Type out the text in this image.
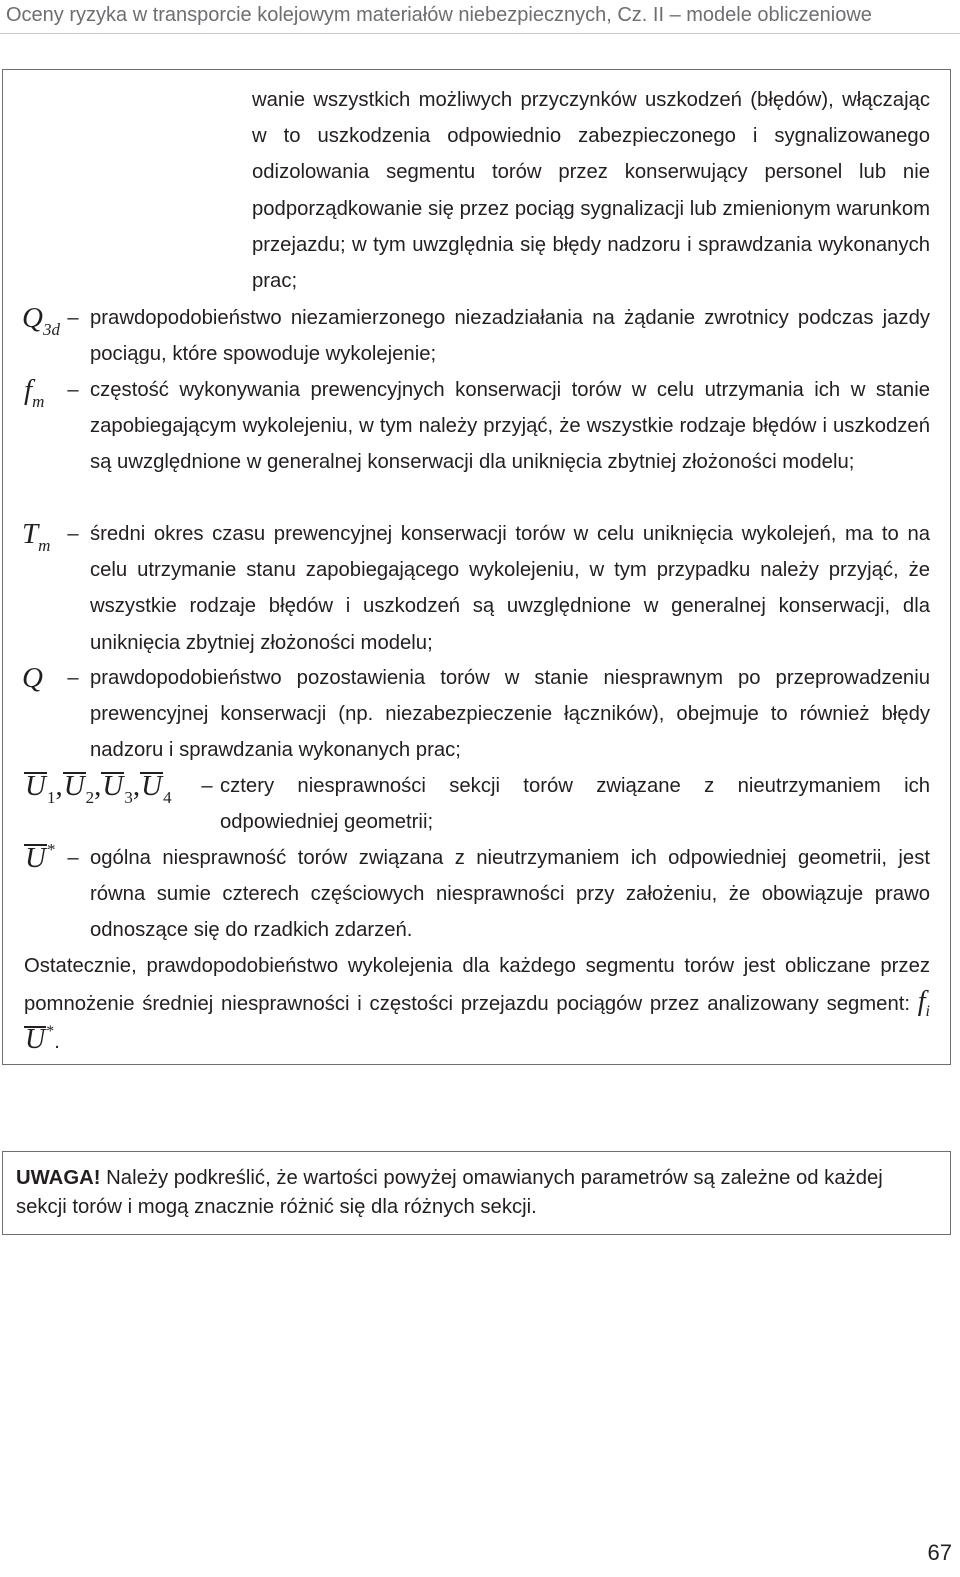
Oceny ryzyka w transporcie kolejowym materiałów niebezpiecznych, Cz. II – modele obliczeniowe

wanie wszystkich możliwych przyczynków uszkodzeń (błędów), włączając w to uszkodzenia odpowiednio zabezpieczonego i sygnalizowanego odizolowania segmentu torów przez konserwujący personel lub nie podporządkowanie się przez pociąg sygnalizacji lub zmienionym warunkom przejazdu; w tym uwzględnia się błędy nadzoru i sprawdzania wykonanych prac;

$Q_{3d}$
– prawdopodobieństwo niezamierzonego niezadziałania na żądanie zwrotnicy podczas jazdy pociągu, które spowoduje wykolejenie;

$f_m$
– częstość wykonywania prewencyjnych konserwacji torów w celu utrzymania ich w stanie zapobiegającym wykolejeniu, w tym należy przyjąć, że wszystkie rodzaje błędów i uszkodzeń są uwzględnione w generalnej konserwacji dla uniknięcia zbytniej złożoności modelu;

$T_m$
– średni okres czasu prewencyjnej konserwacji torów w celu uniknięcia wykolejeń, ma to na celu utrzymanie stanu zapobiegającego wykolejeniu, w tym przypadku należy przyjąć, że wszystkie rodzaje błędów i uszkodzeń są uwzględnione w generalnej konserwacji, dla uniknięcia zbytniej złożoności modelu;

Q – prawdopodobieństwo pozostawienia torów w stanie niesprawnym po przeprowadzeniu prewencyjnej konserwacji (np. niezabezpieczenie łączników), obejmuje to również błędy nadzoru i sprawdzania wykonanych prac;

$U_1,U_2,U_3,U_4$
– cztery niesprawności sekcji torów związane z nieutrzymaniem ich odpowiedniej geometrii;

U* – ogólna niesprawność torów związana z nieutrzymaniem ich odpowiedniej geometrii, jest równa sumie czterech częściowych niesprawności przy założeniu, że obowiązuje prawo odnoszące się do rzadkich zdarzeń.

Ostatecznie, prawdopodobieństwo wykolejenia dla każdego segmentu torów jest obliczane przez pomnożenie średniej niesprawności i częstości przejazdu pociągów przez analizowany segment: $f_iU^*$.

UWAGA! Należy podkreślić, że wartości powyżej omawianych parametrów są zależne od każdej sekcji torów i mogą znacznie różnić się dla różnych sekcji.

67
